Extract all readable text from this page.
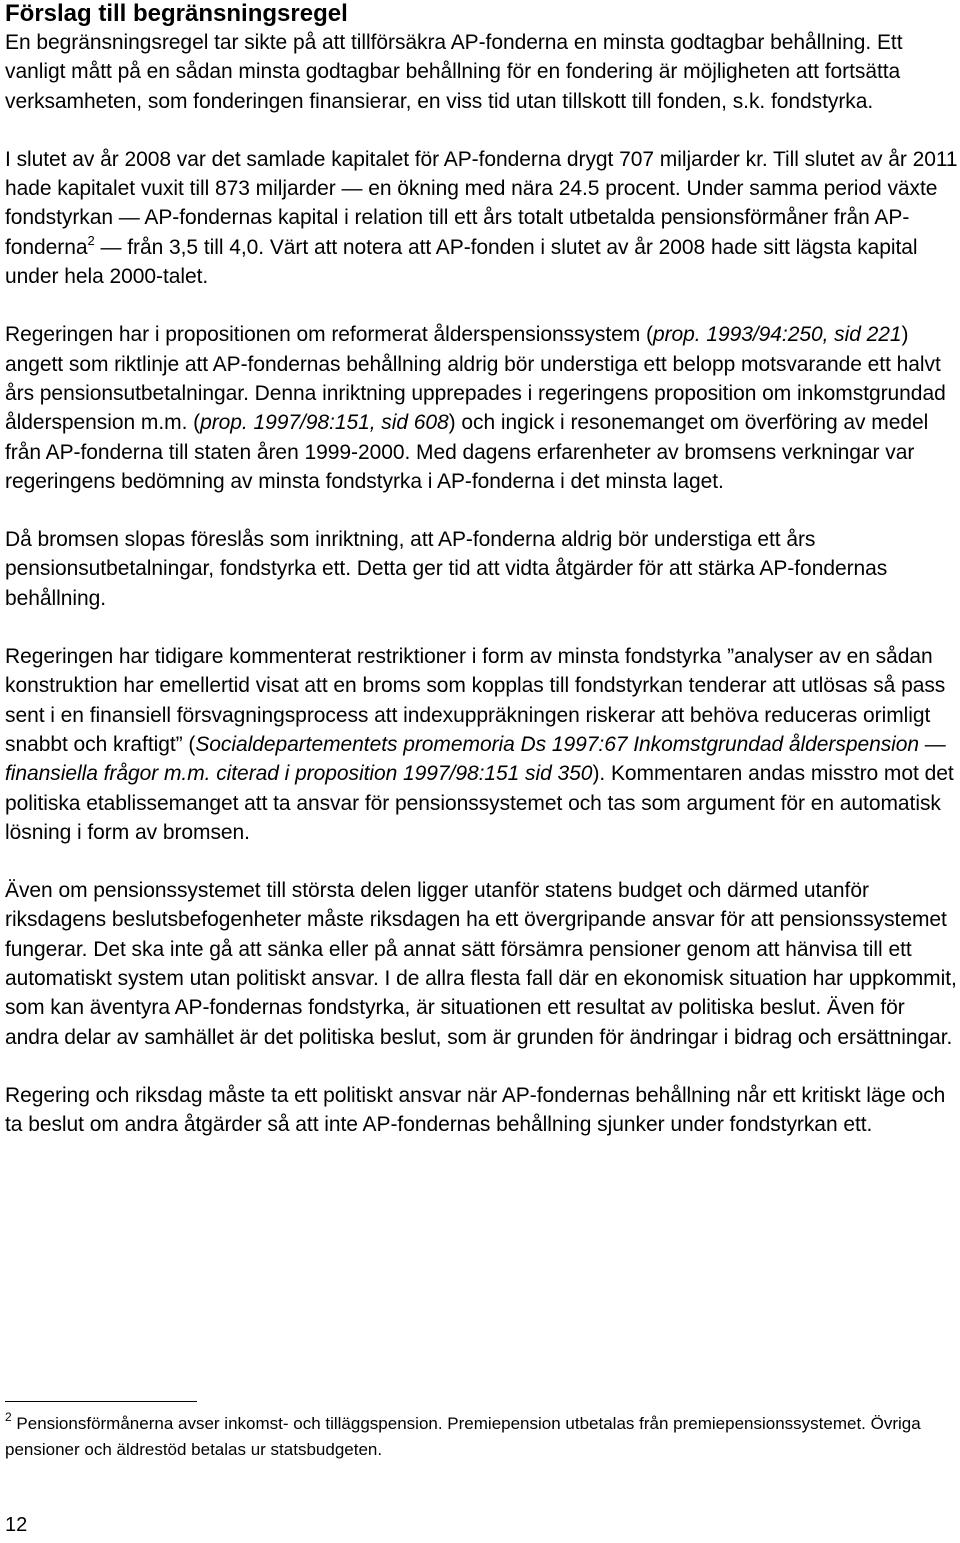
Förslag till begränsningsregel

En begränsningsregel tar sikte på att tillförsäkra AP-fonderna en minsta godtagbar behållning. Ett vanligt mått på en sådan minsta godtagbar behållning för en fondering är möjligheten att fortsätta verksamheten, som fonderingen finansierar, en viss tid utan tillskott till fonden, s.k. fondstyrka.

I slutet av år 2008 var det samlade kapitalet för AP-fonderna drygt 707 miljarder kr. Till slutet av år 2011 hade kapitalet vuxit till 873 miljarder — en ökning med nära 24.5 procent. Under samma period växte fondstyrkan — AP-fondernas kapital i relation till ett års totalt utbetalda pensionsförmåner från AP-fonderna$^2$ — från 3,5 till 4,0. Värt att notera att AP-fonden i slutet av år 2008 hade sitt lägsta kapital under hela 2000-talet.

Regeringen har i propositionen om reformerat ålderspensionssystem (prop. 1993/94:250, sid 221) angett som riktlinje att AP-fondernas behållning aldrig bör understiga ett belopp motsvarande ett halvt års pensionsutbetalningar. Denna inriktning upprepades i regeringens proposition om inkomstgrundad ålderspension m.m. (prop. 1997/98:151, sid 608) och ingick i resonemanget om överföring av medel från AP-fonderna till staten åren 1999-2000. Med dagens erfarenheter av bromsens verkningar var regeringens bedömning av minsta fondstyrka i AP-fonderna i det minsta laget.

Då bromsen slopas föreslås som inriktning, att AP-fonderna aldrig bör understiga ett års pensionsutbetalningar, fondstyrka ett. Detta ger tid att vidta åtgärder för att stärka AP-fondernas behållning.

Regeringen har tidigare kommenterat restriktioner i form av minsta fondstyrka ”analyser av en sådan konstruktion har emellertid visat att en broms som kopplas till fondstyrkan tenderar att utlösas så pass sent i en finansiell försvagningsprocess att indexuppräkningen riskerar att behöva reduceras orimligt snabbt och kraftigt” (Socialdepartementets promemoria Ds 1997:67 Inkomstgrundad ålderspension — finansiella frågor m.m. citerad i proposition 1997/98:151 sid 350). Kommentaren andas misstro mot det politiska etablissemanget att ta ansvar för pensionssystemet och tas som argument för en automatisk lösning i form av bromsen.

Även om pensionssystemet till största delen ligger utanför statens budget och därmed utanför riksdagens beslutsbefogenheter måste riksdagen ha ett övergripande ansvar för att pensionssystemet fungerar. Det ska inte gå att sänka eller på annat sätt försämra pensioner genom att hänvisa till ett automatiskt system utan politiskt ansvar. I de allra flesta fall där en ekonomisk situation har uppkommit, som kan äventyra AP-fondernas fondstyrka, är situationen ett resultat av politiska beslut. Även för andra delar av samhället är det politiska beslut, som är grunden för ändringar i bidrag och ersättningar.

Regering och riksdag måste ta ett politiskt ansvar när AP-fondernas behållning når ett kritiskt läge och ta beslut om andra åtgärder så att inte AP-fondernas behållning sjunker under fondstyrkan ett.

$^2$ Pensionsförmånerna avser inkomst- och tilläggspension. Premiepension utbetalas från premiepensionssystemet. Övriga pensioner och äldrestöd betalas ur statsbudgeten.
12
